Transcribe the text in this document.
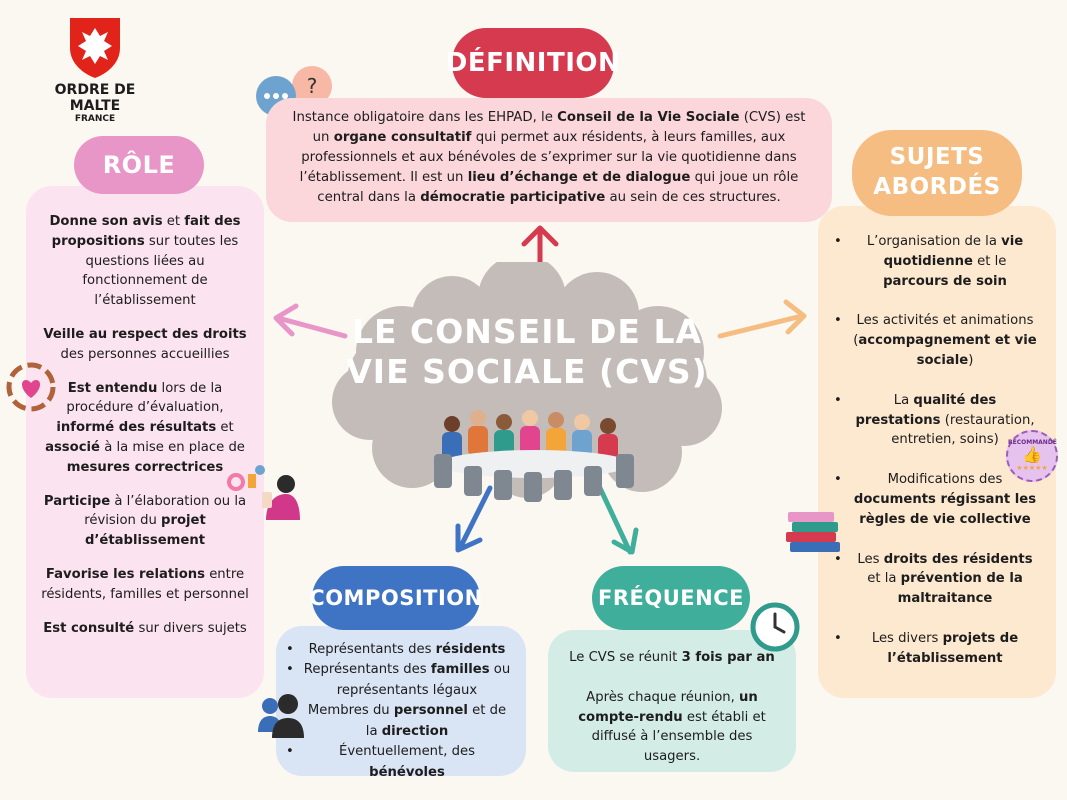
ORDRE DE MALTE
FRANCE
?
Instance obligatoire dans les EHPAD, le Conseil de la Vie Sociale (CVS) est un organe consultatif qui permet aux résidents, à leurs familles, aux professionnels et aux bénévoles de s’exprimer sur la vie quotidienne dans l’établissement. Il est un lieu d’échange et de dialogue qui joue un rôle central dans la démocratie participative au sein de ces structures.
DÉFINITION
Donne son avis et fait des propositions sur toutes les questions liées au fonctionnement de l’établissement
Veille au respect des droits des personnes accueillies
Est entendu lors de la procédure d’évaluation, informé des résultats et associé à la mise en place de mesures correctrices
Participe à l’élaboration ou la révision du projet d’établissement
Favorise les relations entre résidents, familles et personnel
Est consulté sur divers sujets
RÔLE
LE CONSEIL DE LA
VIE SOCIALE (CVS)
• L’organisation de la vie quotidienne et le parcours de soin
• Les activités et animations (accompagnement et vie sociale)
• La qualité des prestations (restauration, entretien, soins)
• Modifications des documents régissant les règles de vie collective
• Les droits des résidents et la prévention de la maltraitance
• Les divers projets de l’établissement
SUJETS
ABORDÉS
RECOMMANDÉ
👍
★★★★★
• Représentants des résidents
• Représentants des familles ou représentants légaux
Membres du personnel et de la direction
•	Éventuellement, des bénévoles
COMPOSITION
Le CVS se réunit 3 fois par an
Après chaque réunion, un compte-rendu est établi et diffusé à l’ensemble des usagers.
FRÉQUENCE
